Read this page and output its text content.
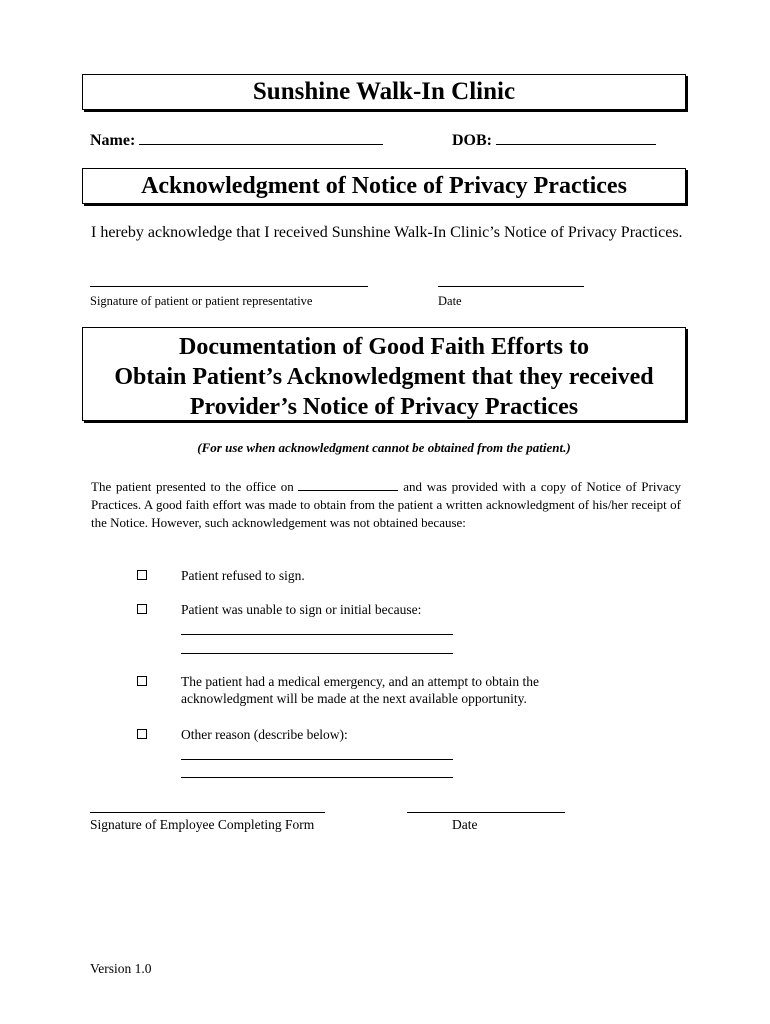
Sunshine Walk-In Clinic
Name:	DOB:
Acknowledgment of Notice of Privacy Practices
I hereby acknowledge that I received Sunshine Walk-In Clinic’s Notice of Privacy Practices.
Signature of patient or patient representative	Date
Documentation of Good Faith Efforts to
Obtain Patient’s Acknowledgment that they received
Provider’s Notice of Privacy Practices
(For use when acknowledgment cannot be obtained from the patient.)
The patient presented to the office on	and was provided with a copy of Notice of Privacy Practices. A good faith effort was made to obtain from the patient a written acknowledgment of his/her receipt of the Notice. However, such acknowledgement was not obtained because:
Patient refused to sign.
Patient was unable to sign or initial because:
The patient had a medical emergency, and an attempt to obtain the acknowledgment will be made at the next available opportunity.
Other reason (describe below):
Signature of Employee Completing Form	Date
Version 1.0
